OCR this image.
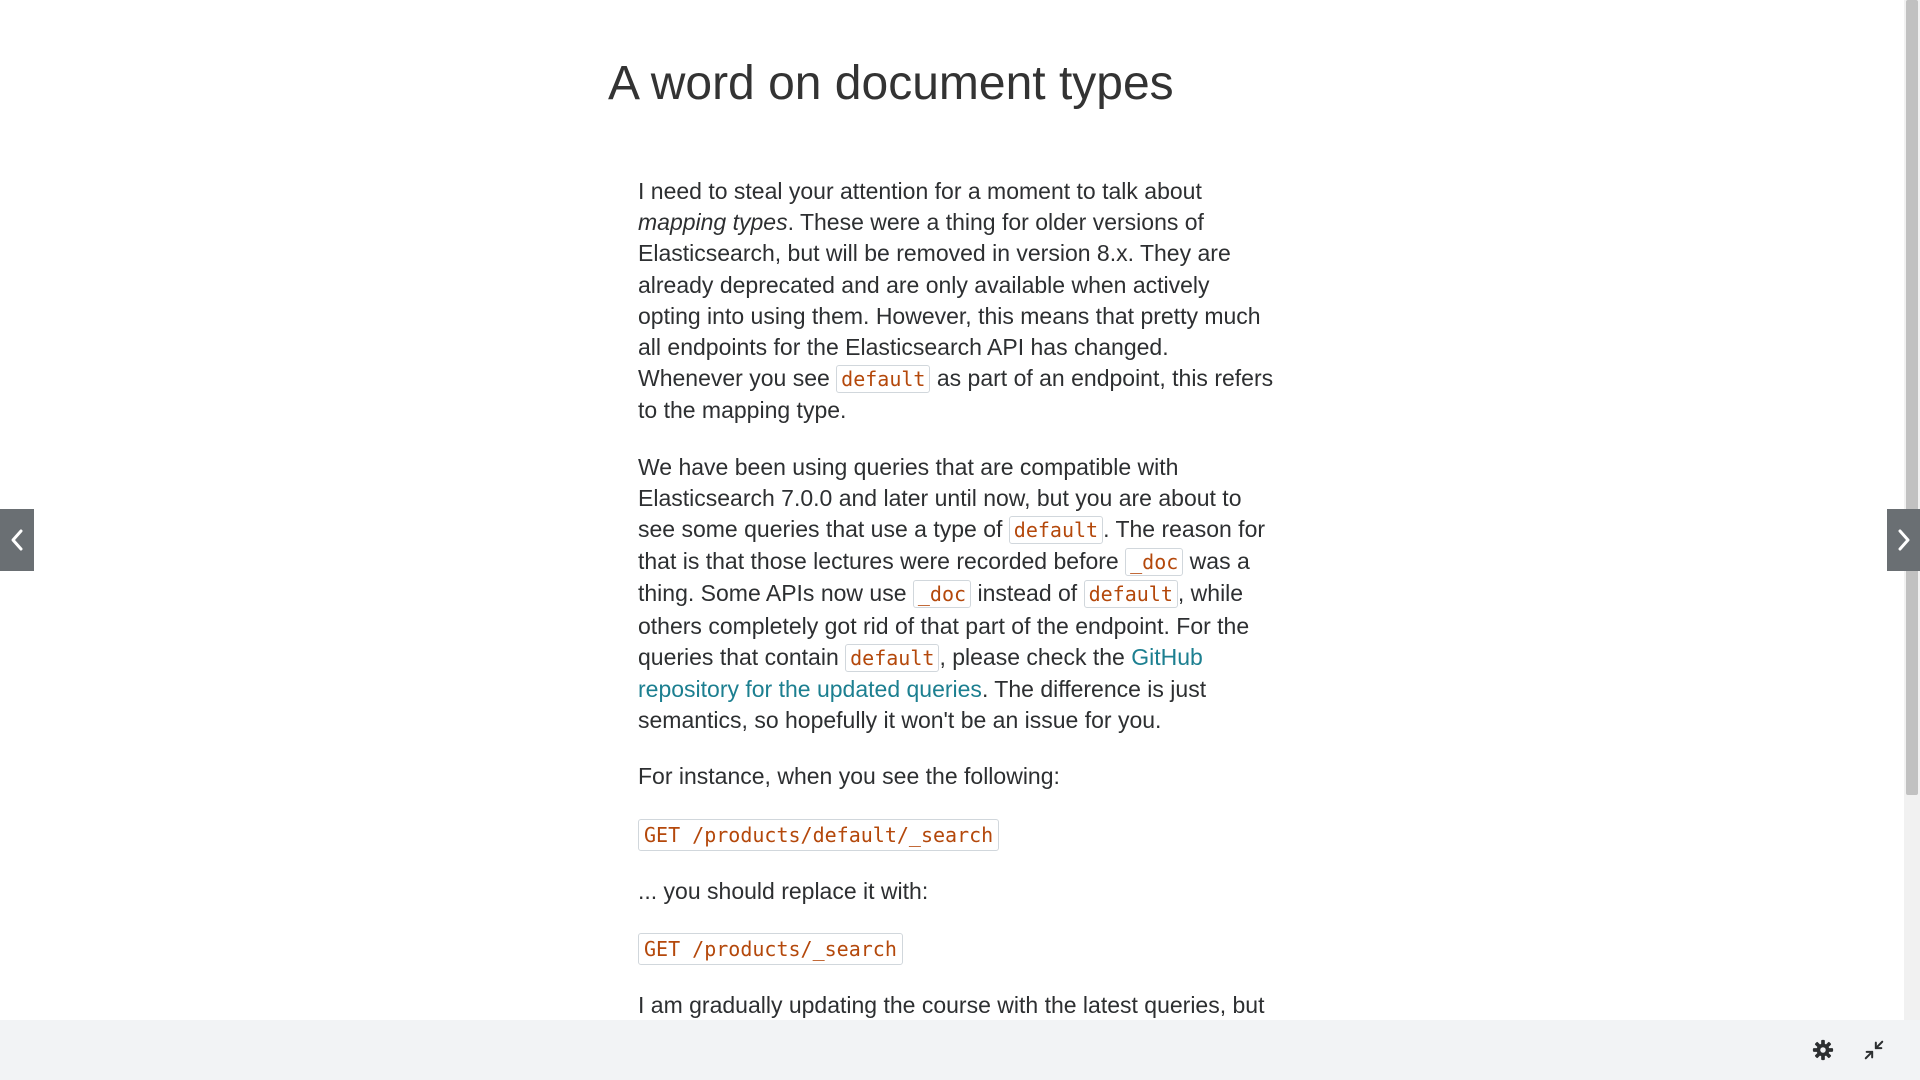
A word on document types

I need to steal your attention for a moment to talk about mapping types. These were a thing for older versions of Elasticsearch, but will be removed in version 8.x. They are already deprecated and are only available when actively opting into using them. However, this means that pretty much all endpoints for the Elasticsearch API has changed. Whenever you see default as part of an endpoint, this refers to the mapping type.

We have been using queries that are compatible with Elasticsearch 7.0.0 and later until now, but you are about to see some queries that use a type of default . The reason for that is that those lectures were recorded before _doc was a thing. Some APIs now use _doc instead of default , while others completely got rid of that part of the endpoint. For the queries that contain default , please check the GitHub repository for the updated queries. The difference is just semantics, so hopefully it won't be an issue for you.

For instance, when you see the following:

GET /products/default/_search

... you should replace it with:

GET /products/_search

I am gradually updating the course with the latest queries, but
